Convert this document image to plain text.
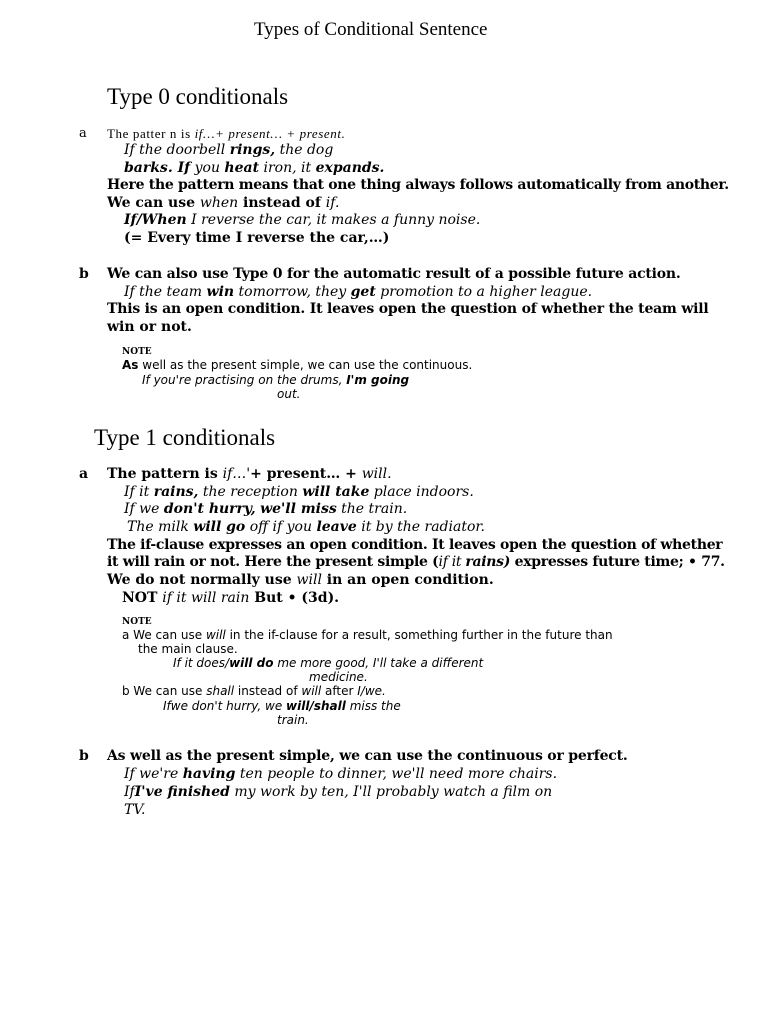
Types of Conditional Sentence
Type 0 conditionals
a The patter n is if…+ present… + present.
If the doorbell rings, the dog
barks. If you heat iron, it expands.
Here the pattern means that one thing always follows automatically from another.
We can use when instead of if.
If/When I reverse the car, it makes a funny noise.
(= Every time I reverse the car,…)
b We can also use Type 0 for the automatic result of a possible future action.
If the team win tomorrow, they get promotion to a higher league.
This is an open condition. It leaves open the question of whether the team will
win or not.
NOTE
As well as the present simple, we can use the continuous.
If you're practising on the drums, I'm going
out.
Type 1 conditionals
a The pattern is if…'+ present… + will.
If it rains, the reception will take place indoors.
If we don't hurry, we'll miss the train.
The milk will go off if you leave it by the radiator.
The if-clause expresses an open condition. It leaves open the question of whether
it will rain or not. Here the present simple (if it rains) expresses future time; • 77.
We do not normally use will in an open condition.
NOT if it will rain But • (3d).
NOTE
a We can use will in the if-clause for a result, something further in the future than
the main clause.
If it does/will do me more good, I'll take a different
medicine.
b We can use shall instead of will after I/we.
Ifwe don't hurry, we will/shall miss the
train.
b As well as the present simple, we can use the continuous or perfect.
If we're having ten people to dinner, we'll need more chairs.
IfI've finished my work by ten, I'll probably watch a film on
TV.
